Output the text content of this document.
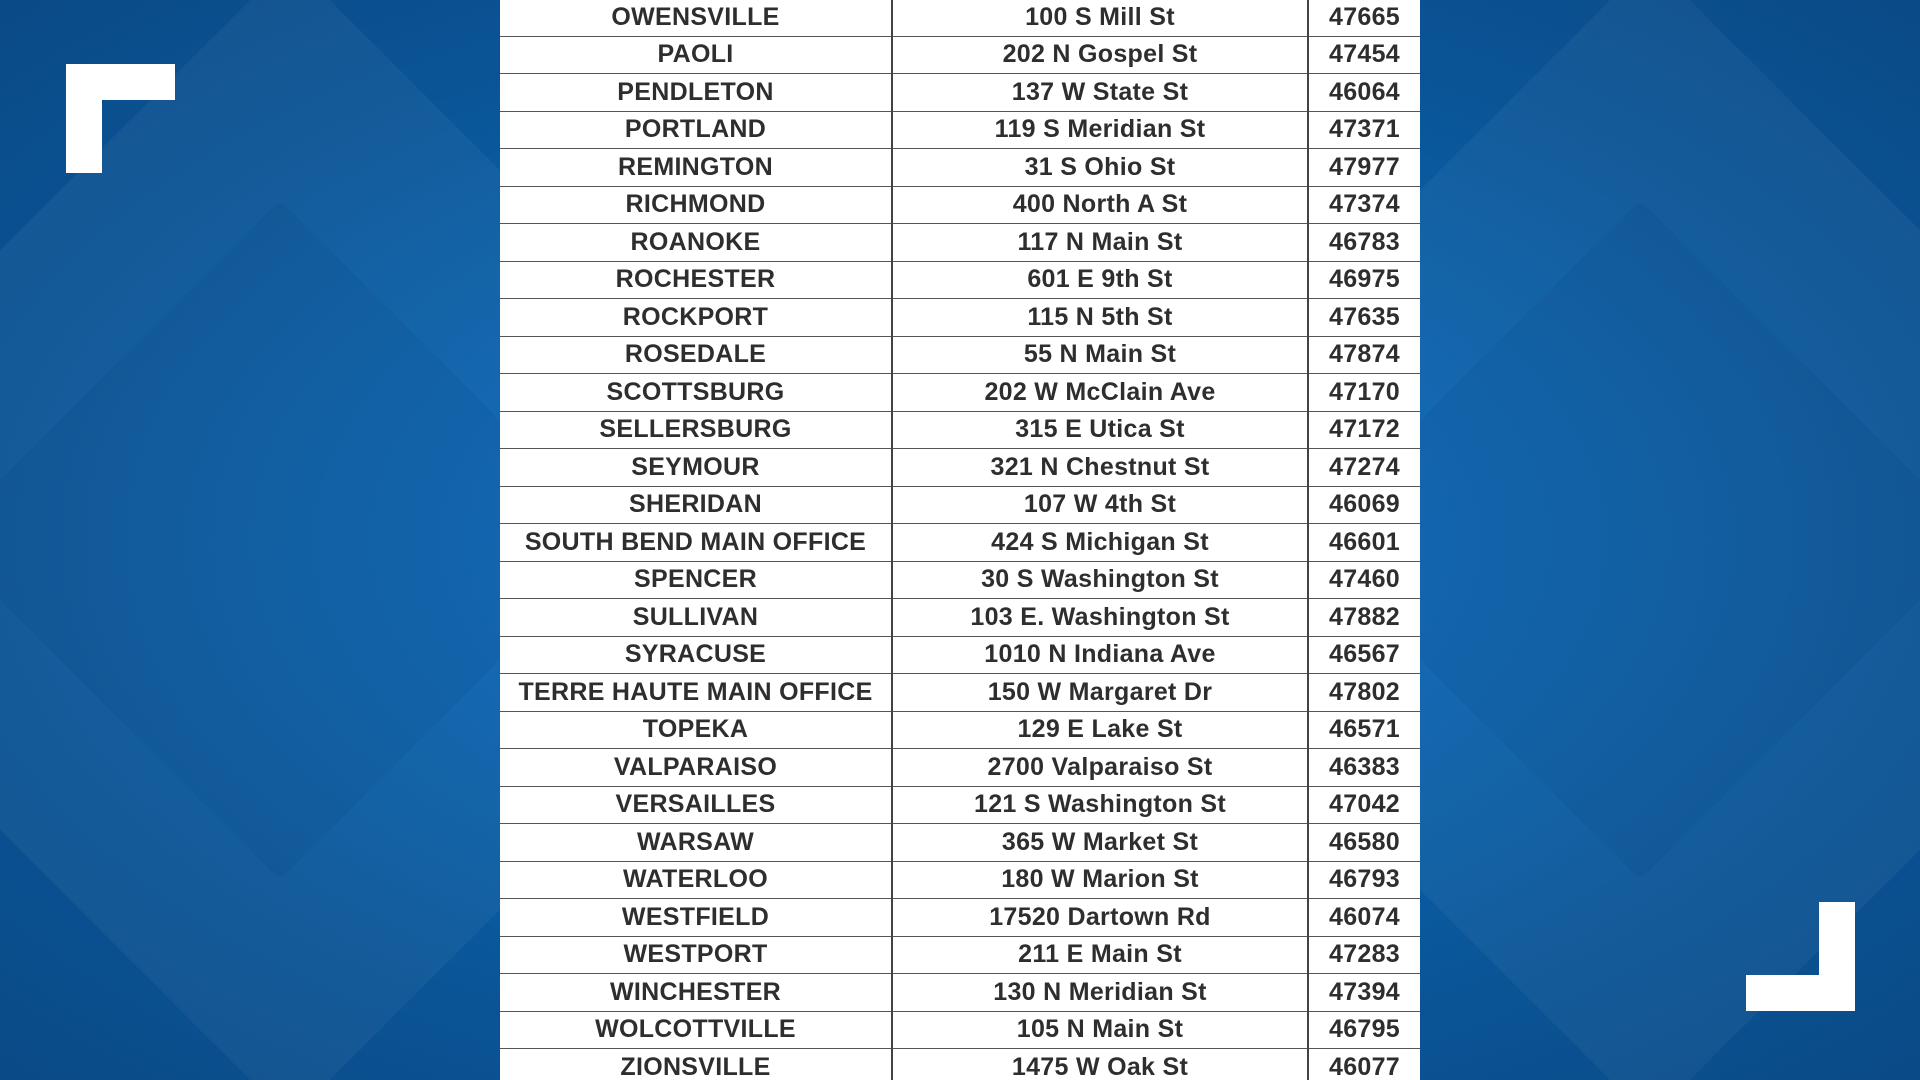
OWENSVILLE	100 S Mill St	47665
PAOLI	202 N Gospel St	47454
PENDLETON	137 W State St	46064
PORTLAND	119 S Meridian St	47371
REMINGTON	31 S Ohio St	47977
RICHMOND	400 North A St	47374
ROANOKE	117 N Main St	46783
ROCHESTER	601 E 9th St	46975
ROCKPORT	115 N 5th St	47635
ROSEDALE	55 N Main St	47874
SCOTTSBURG	202 W McClain Ave	47170
SELLERSBURG	315 E Utica St	47172
SEYMOUR	321 N Chestnut St	47274
SHERIDAN	107 W 4th St	46069
SOUTH BEND MAIN OFFICE	424 S Michigan St	46601
SPENCER	30 S Washington St	47460
SULLIVAN	103 E. Washington St	47882
SYRACUSE	1010 N Indiana Ave	46567
TERRE HAUTE MAIN OFFICE	150 W Margaret Dr	47802
TOPEKA	129 E Lake St	46571
VALPARAISO	2700 Valparaiso St	46383
VERSAILLES	121 S Washington St	47042
WARSAW	365 W Market St	46580
WATERLOO	180 W Marion St	46793
WESTFIELD	17520 Dartown Rd	46074
WESTPORT	211 E Main St	47283
WINCHESTER	130 N Meridian St	47394
WOLCOTTVILLE	105 N Main St	46795
ZIONSVILLE	1475 W Oak St	46077
